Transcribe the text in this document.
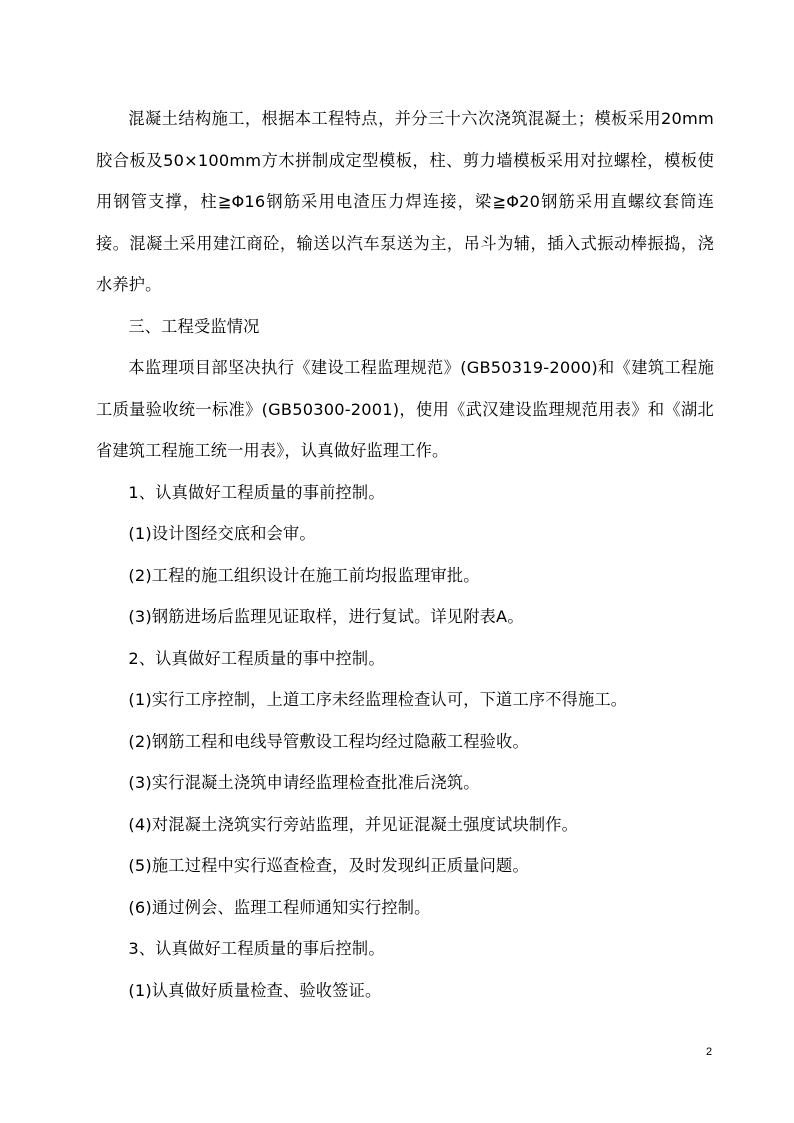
混凝土结构施工，根据本工程特点，并分三十六次浇筑混凝土；模板采用20mm胶合板及50×100mm方木拼制成定型模板，柱、剪力墙模板采用对拉螺栓，模板使用钢管支撑，柱≧Φ16钢筋采用电渣压力焊连接，梁≧Φ20钢筋采用直螺纹套筒连接。混凝土采用建江商砼，输送以汽车泵送为主，吊斗为辅，插入式振动棒振捣，浇水养护。

三、工程受监情况

本监理项目部坚决执行《建设工程监理规范》(GB50319-2000)和《建筑工程施工质量验收统一标准》(GB50300-2001)，使用《武汉建设监理规范用表》和《湖北省建筑工程施工统一用表》，认真做好监理工作。

1、认真做好工程质量的事前控制。

(1)设计图经交底和会审。

(2)工程的施工组织设计在施工前均报监理审批。

(3)钢筋进场后监理见证取样，进行复试。详见附表A。

2、认真做好工程质量的事中控制。

(1)实行工序控制，上道工序未经监理检查认可，下道工序不得施工。

(2)钢筋工程和电线导管敷设工程均经过隐蔽工程验收。

(3)实行混凝土浇筑申请经监理检查批准后浇筑。

(4)对混凝土浇筑实行旁站监理，并见证混凝土强度试块制作。

(5)施工过程中实行巡查检查，及时发现纠正质量问题。

(6)通过例会、监理工程师通知实行控制。

3、认真做好工程质量的事后控制。

(1)认真做好质量检查、验收签证。

2
